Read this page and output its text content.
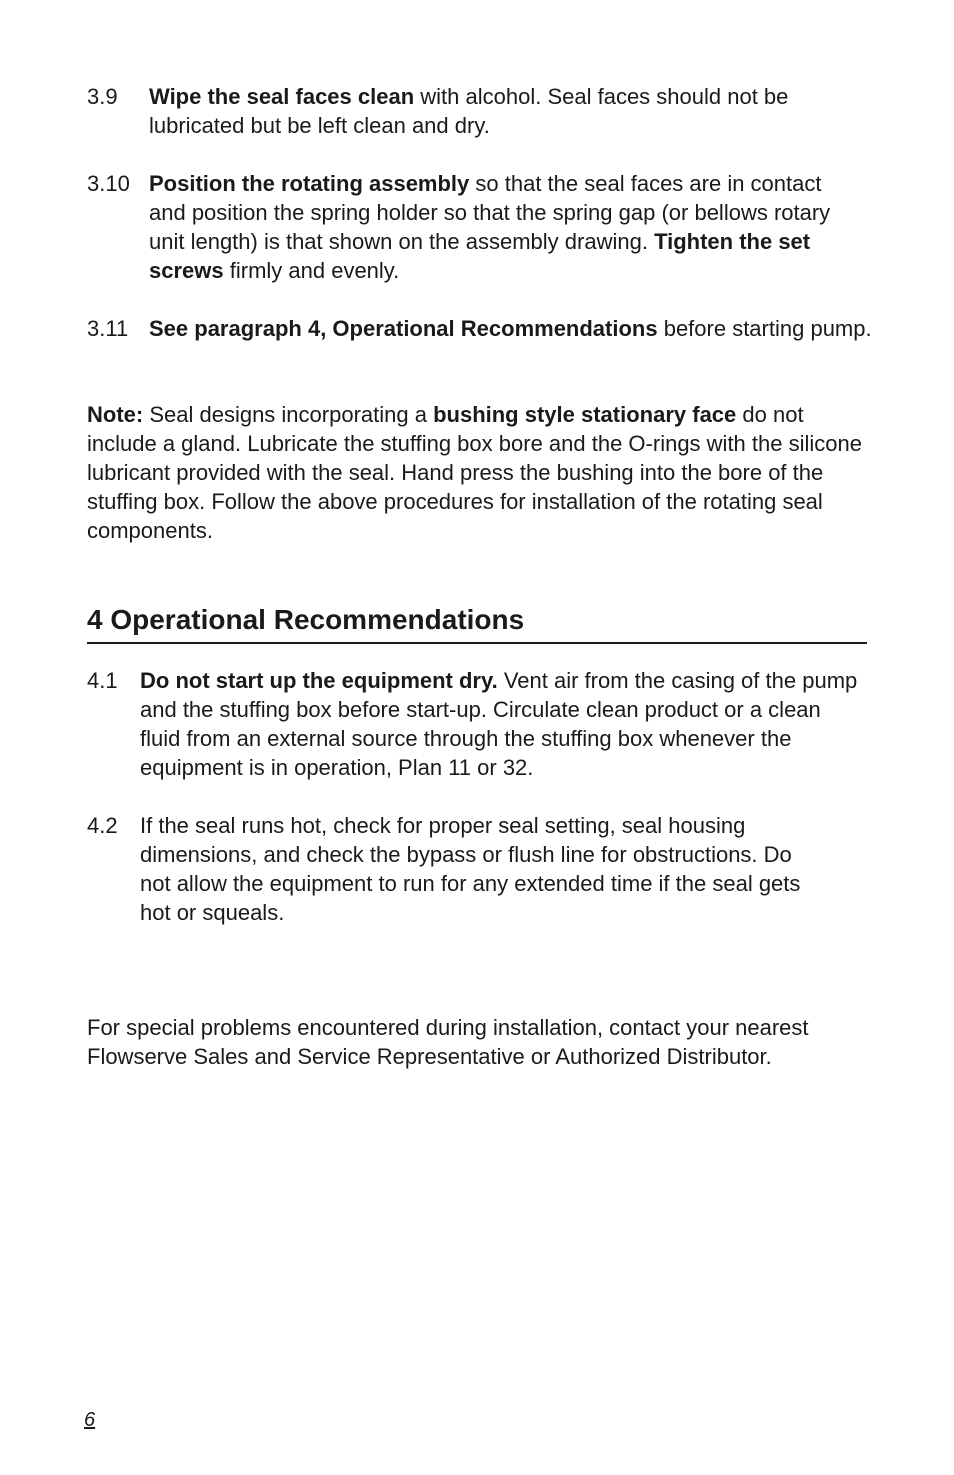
3.9 Wipe the seal faces clean with alcohol. Seal faces should not be lubricated but be left clean and dry.
3.10 Position the rotating assembly so that the seal faces are in contact and position the spring holder so that the spring gap (or bellows rotary unit length) is that shown on the assembly drawing. Tighten the set screws firmly and evenly.
3.11 See paragraph 4, Operational Recommendations before starting pump.
Note: Seal designs incorporating a bushing style stationary face do not include a gland. Lubricate the stuffing box bore and the O-rings with the silicone lubricant provided with the seal. Hand press the bushing into the bore of the stuffing box. Follow the above procedures for installation of the rotating seal components.
4 Operational Recommendations
4.1 Do not start up the equipment dry. Vent air from the casing of the pump and the stuffing box before start-up. Circulate clean product or a clean fluid from an external source through the stuffing box whenever the equipment is in operation, Plan 11 or 32.
4.2 If the seal runs hot, check for proper seal setting, seal housing dimensions, and check the bypass or flush line for obstructions. Do not allow the equipment to run for any extended time if the seal gets hot or squeals.
For special problems encountered during installation, contact your nearest Flowserve Sales and Service Representative or Authorized Distributor.
6
